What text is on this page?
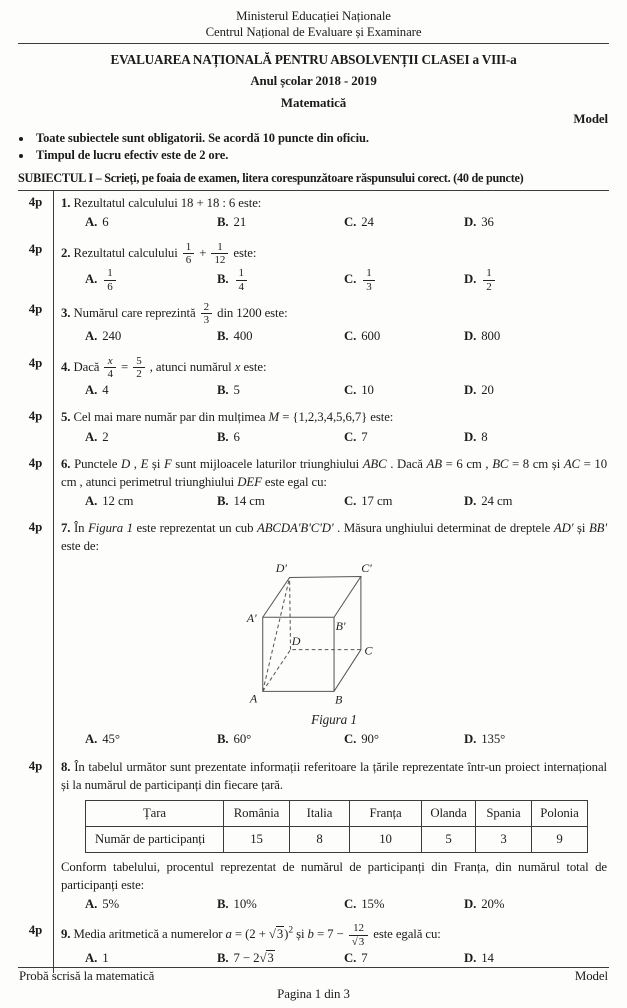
Ministerul Educației Naționale
Centrul Național de Evaluare și Examinare
EVALUAREA NAȚIONALĂ PENTRU ABSOLVENȚII CLASEI a VIII-a
Anul școlar 2018 - 2019
Matematică
Model
• Toate subiectele sunt obligatorii. Se acordă 10 puncte din oficiu.
• Timpul de lucru efectiv este de 2 ore.
SUBIECTUL I – Scrieți, pe foaia de examen, litera corespunzătoare răspunsului corect. (40 de puncte)
4p	1. Rezultatul calculului 18 + 18 : 6 este:
A. 6	B. 21	C. 24	D. 36
4p	2. Rezultatul calculului $\frac{1}{6} + \frac{1}{12}$ este:
A. $\frac{1}{6}$	B. $\frac{1}{4}$	C. $\frac{1}{3}$	D. $\frac{1}{2}$
4p	3. Numărul care reprezintă $\frac{2}{3}$ din 1200 este:
A. 240	B. 400	C. 600	D. 800
4p	4. Dacă $\frac{x}{4} = \frac{5}{2}$ , atunci numărul x este:
A. 4	B. 5	C. 10	D. 20
4p	5. Cel mai mare număr par din mulțimea M = {1,2,3,4,5,6,7} este:
A. 2	B. 6	C. 7	D. 8
4p	6. Punctele D , E și F sunt mijloacele laturilor triunghiului ABC . Dacă AB = 6 cm , BC = 8 cm și AC = 10 cm , atunci perimetrul triunghiului DEF este egal cu:
A. 12 cm	B. 14 cm	C. 17 cm	D. 24 cm
4p	7. În Figura 1 este reprezentat un cub ABCDA'B'C'D' . Măsura unghiului determinat de dreptele AD' și BB' este de:
A	B
C
D
A'
B'
C'
D'
Figura 1
A. 45°	B. 60°	C. 90°	D. 135°
4p	8. În tabelul următor sunt prezentate informații referitoare la țările reprezentate într-un proiect internațional și la numărul de participanți din fiecare țară.
Țara	România	Italia	Franța	Olanda	Spania	Polonia
Număr de participanți	15	8	10	5	3	9
Conform tabelului, procentul reprezentat de numărul de participanți din Franța, din numărul total de participanți este:
A. 5%	B. 10%	C. 15%	D. 20%
4p	9. Media aritmetică a numerelor $a = (2 + √3)^2$ și $b = 7 - \frac{12}{√3}$ este egală cu:
A. 1	B. 7 − 2√3	C. 7	D. 14
Probă scrisă la matematică	Model
Pagina 1 din 3
